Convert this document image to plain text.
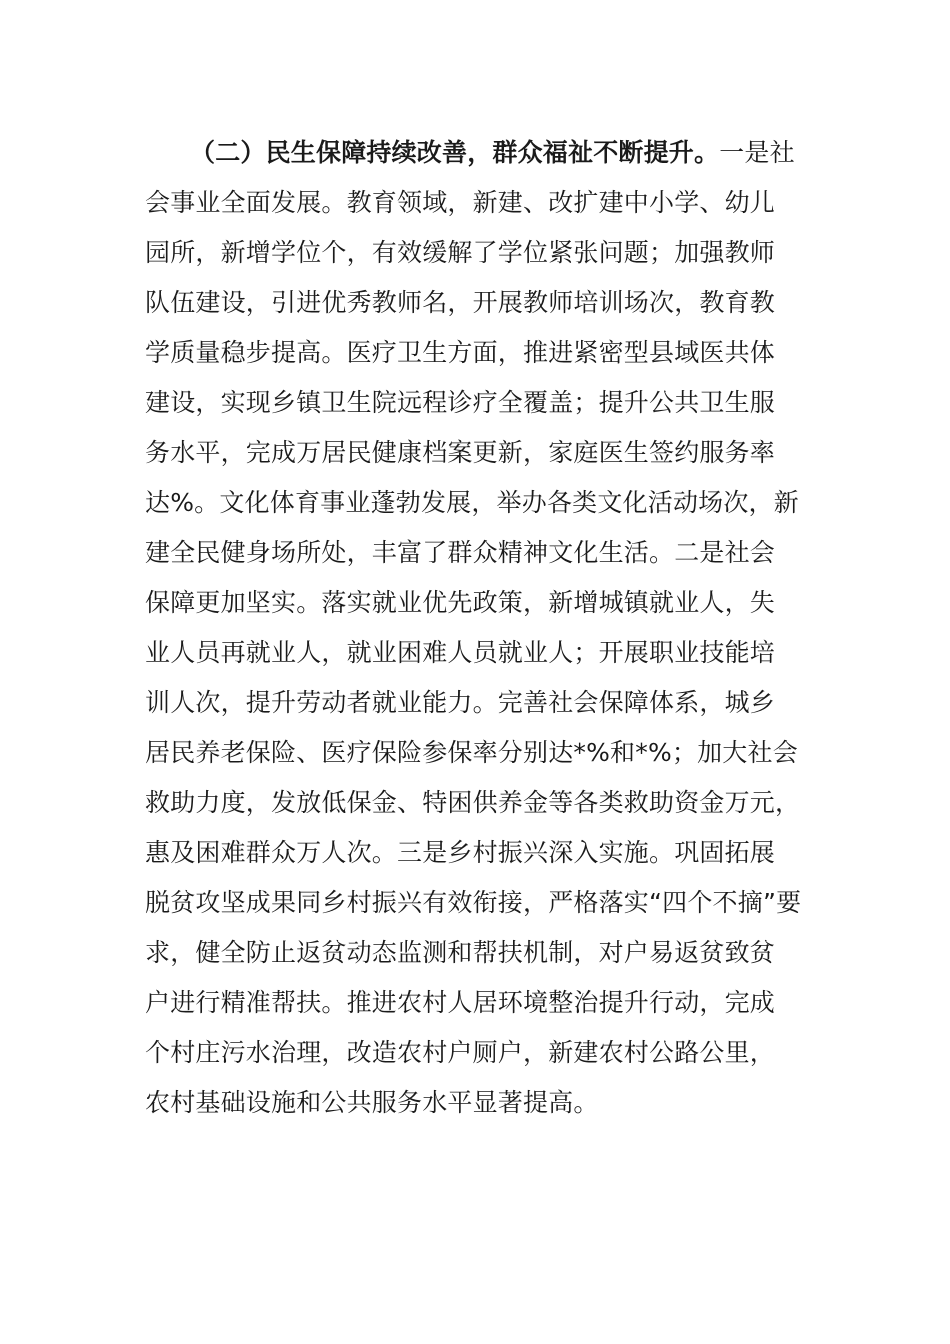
（二）民生保障持续改善，群众福祉不断提升。一是社
会事业全面发展。教育领域，新建、改扩建中小学、幼儿
园所，新增学位个，有效缓解了学位紧张问题；加强教师
队伍建设，引进优秀教师名，开展教师培训场次，教育教
学质量稳步提高。医疗卫生方面，推进紧密型县域医共体
建设，实现乡镇卫生院远程诊疗全覆盖；提升公共卫生服
务水平，完成万居民健康档案更新，家庭医生签约服务率
达%。文化体育事业蓬勃发展，举办各类文化活动场次，新
建全民健身场所处，丰富了群众精神文化生活。二是社会
保障更加坚实。落实就业优先政策，新增城镇就业人，失
业人员再就业人，就业困难人员就业人；开展职业技能培
训人次，提升劳动者就业能力。完善社会保障体系，城乡
居民养老保险、医疗保险参保率分别达*%和*%；加大社会
救助力度，发放低保金、特困供养金等各类救助资金万元，
惠及困难群众万人次。三是乡村振兴深入实施。巩固拓展
脱贫攻坚成果同乡村振兴有效衔接，严格落实“四个不摘”要
求，健全防止返贫动态监测和帮扶机制，对户易返贫致贫
户进行精准帮扶。推进农村人居环境整治提升行动，完成
个村庄污水治理，改造农村户厕户，新建农村公路公里，
农村基础设施和公共服务水平显著提高。
